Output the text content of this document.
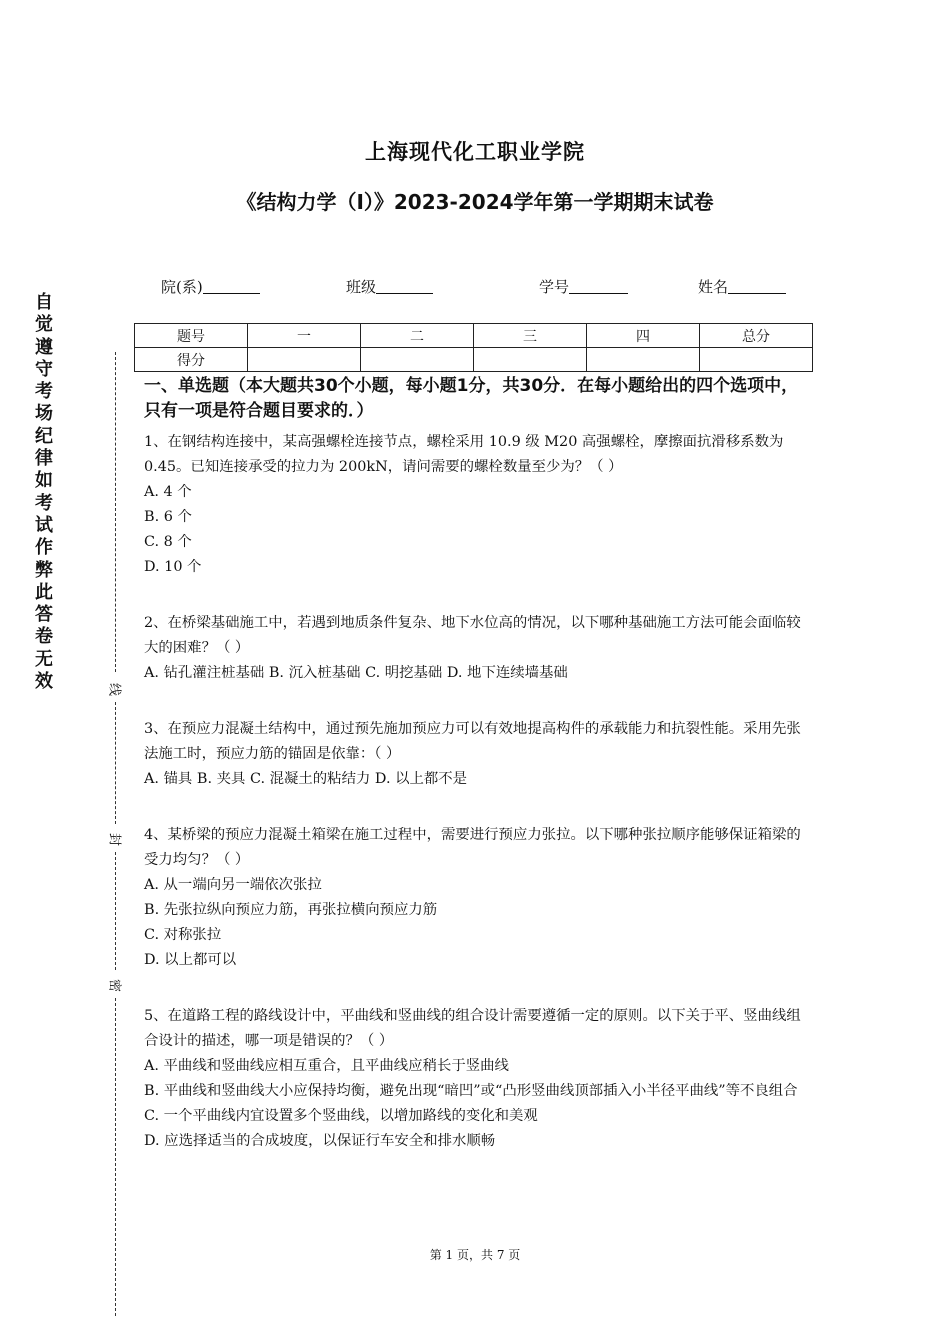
上海现代化工职业学院
《结构力学（I）》2023-2024学年第一学期期末试卷
院(系)	班级	学号	姓名
题号	一	二	三	四	总分
得分					
自
觉
遵
守
考
场
纪
律
如
考
试
作
弊
此
答
卷
无
效	线
封
密

一、单选题（本大题共30个小题，每小题1分，共30分．在每小题给出的四个选项中，只有一项是符合题目要求的．）

1、在钢结构连接中，某高强螺栓连接节点，螺栓采用 10.9 级 M20 高强螺栓，摩擦面抗滑移系数为 0.45。已知连接承受的拉力为 200kN，请问需要的螺栓数量至少为？（ ）
A. 4 个
B. 6 个
C. 8 个
D. 10 个
2、在桥梁基础施工中，若遇到地质条件复杂、地下水位高的情况，以下哪种基础施工方法可能会面临较大的困难？（ ）
A. 钻孔灌注桩基础 B. 沉入桩基础 C. 明挖基础 D. 地下连续墙基础
3、在预应力混凝土结构中，通过预先施加预应力可以有效地提高构件的承载能力和抗裂性能。采用先张法施工时，预应力筋的锚固是依靠：（ ）
A. 锚具 B. 夹具 C. 混凝土的粘结力 D. 以上都不是
4、某桥梁的预应力混凝土箱梁在施工过程中，需要进行预应力张拉。以下哪种张拉顺序能够保证箱梁的受力均匀？（ ）
A. 从一端向另一端依次张拉
B. 先张拉纵向预应力筋，再张拉横向预应力筋
C. 对称张拉
D. 以上都可以
5、在道路工程的路线设计中，平曲线和竖曲线的组合设计需要遵循一定的原则。以下关于平、竖曲线组合设计的描述，哪一项是错误的？（ ）
A. 平曲线和竖曲线应相互重合，且平曲线应稍长于竖曲线
B. 平曲线和竖曲线大小应保持均衡，避免出现“暗凹”或“凸形竖曲线顶部插入小半径平曲线”等不良组合
C. 一个平曲线内宜设置多个竖曲线，以增加路线的变化和美观
D. 应选择适当的合成坡度，以保证行车安全和排水顺畅
第 1 页，共 7 页
